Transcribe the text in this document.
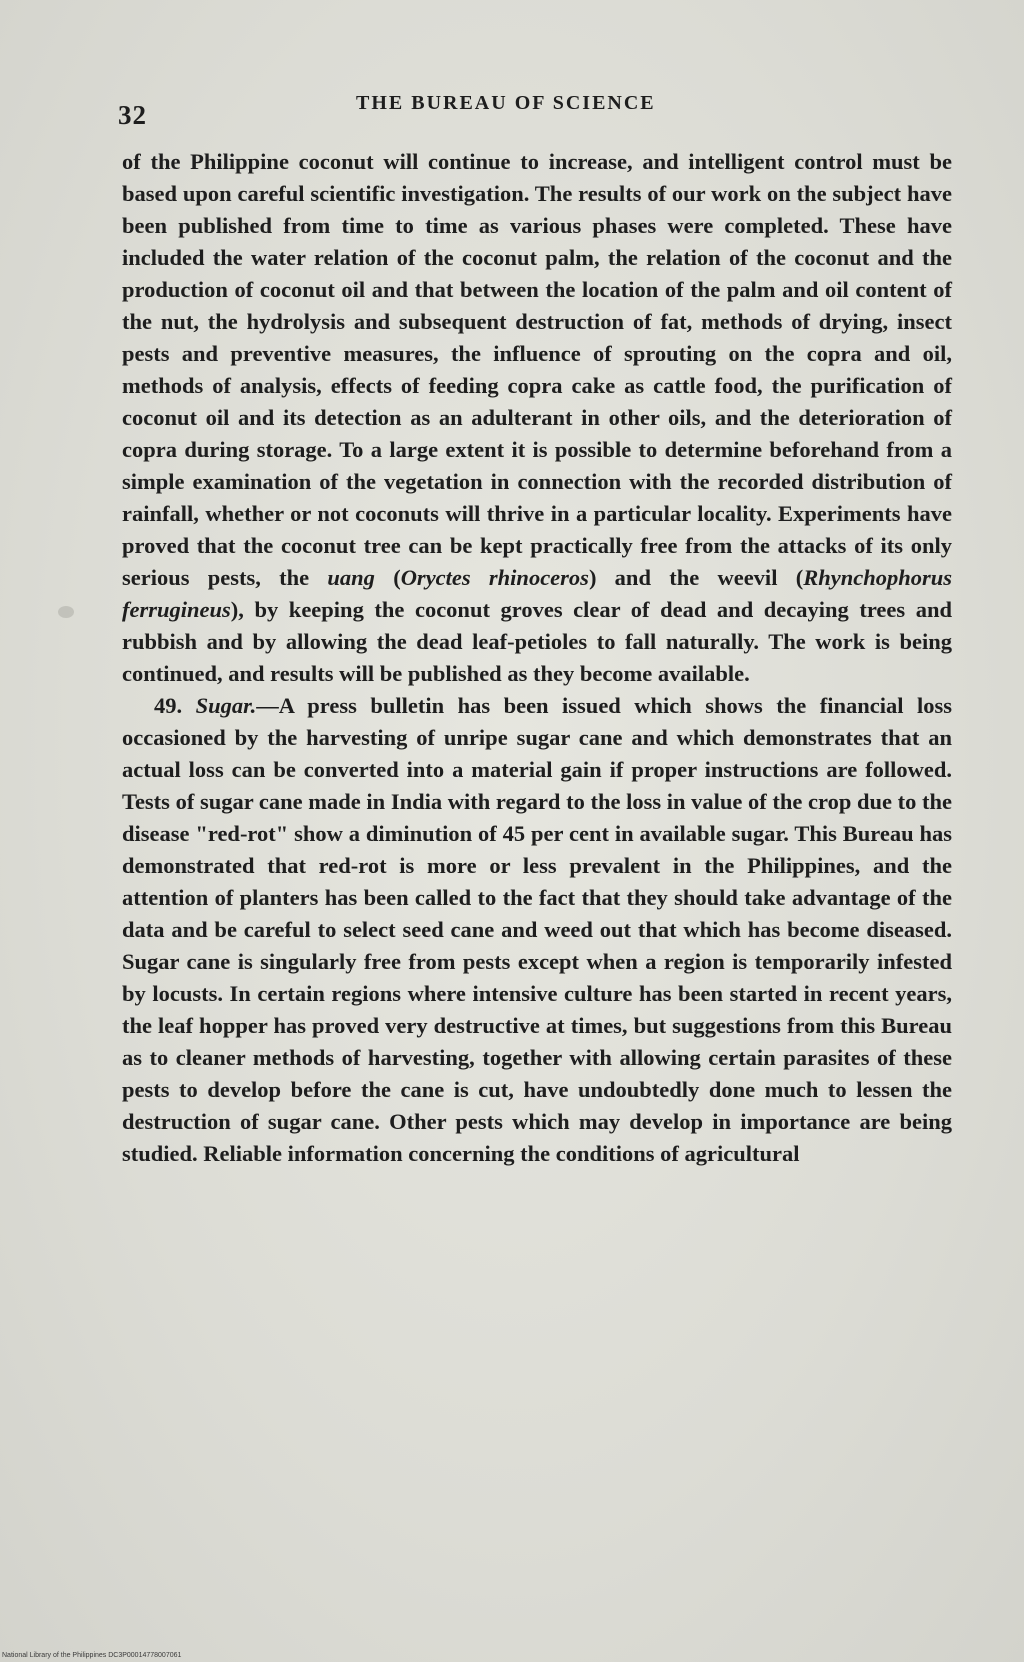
32	THE BUREAU OF SCIENCE

of the Philippine coconut will continue to increase, and intelligent control must be based upon careful scientific investigation. The results of our work on the subject have been published from time to time as various phases were completed. These have included the water relation of the coconut palm, the relation of the coconut and the production of coconut oil and that between the location of the palm and oil content of the nut, the hydrolysis and subsequent destruction of fat, methods of drying, insect pests and preventive measures, the influence of sprouting on the copra and oil, methods of analysis, effects of feeding copra cake as cattle food, the purification of coconut oil and its detection as an adulterant in other oils, and the deterioration of copra during storage. To a large extent it is possible to determine beforehand from a simple examination of the vegetation in connection with the recorded distribution of rainfall, whether or not coconuts will thrive in a particular locality. Experiments have proved that the coconut tree can be kept practically free from the attacks of its only serious pests, the uang (Oryctes rhinoceros) and the weevil (Rhynchophorus ferrugineus), by keeping the coconut groves clear of dead and decaying trees and rubbish and by allowing the dead leaf-petioles to fall naturally. The work is being continued, and results will be published as they become available.

49. Sugar.—A press bulletin has been issued which shows the financial loss occasioned by the harvesting of unripe sugar cane and which demonstrates that an actual loss can be converted into a material gain if proper instructions are followed. Tests of sugar cane made in India with regard to the loss in value of the crop due to the disease "red-rot" show a diminution of 45 per cent in available sugar. This Bureau has demonstrated that red-rot is more or less prevalent in the Philippines, and the attention of planters has been called to the fact that they should take advantage of the data and be careful to select seed cane and weed out that which has become diseased. Sugar cane is singularly free from pests except when a region is temporarily infested by locusts. In certain regions where intensive culture has been started in recent years, the leaf hopper has proved very destructive at times, but suggestions from this Bureau as to cleaner methods of harvesting, together with allowing certain parasites of these pests to develop before the cane is cut, have undoubtedly done much to lessen the destruction of sugar cane. Other pests which may develop in importance are being studied. Reliable information concerning the conditions of agricultural

National Library of the Philippines DC3P00014778007061
